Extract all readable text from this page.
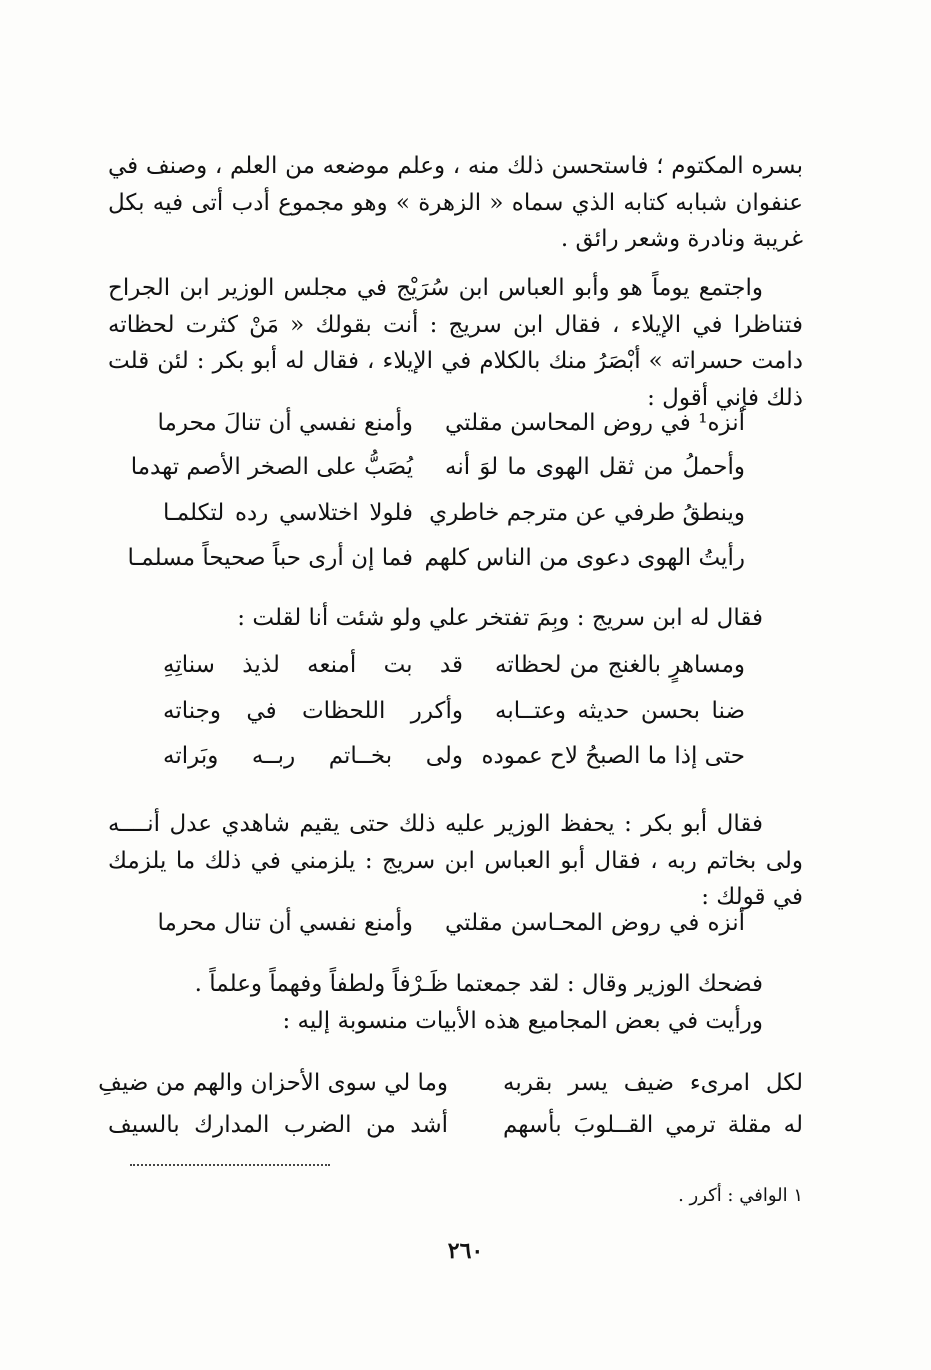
بسره المكتوم ؛ فاستحسن ذلك منه ، وعلم موضعه من العلم ، وصنف في عنفوان شبابه كتابه الذي سماه « الزهرة » وهو مجموع أدب أتى فيه بكل غريبة ونادرة وشعر رائق .
واجتمع يوماً هو وأبو العباس ابن سُرَيْج في مجلس الوزير ابن الجراح فتناظرا في الإيلاء ، فقال ابن سريج : أنت بقولك « مَنْ كثرت لحظاته دامت حسراته » أبْصَرُ منك بالكلام في الإيلاء ، فقال له أبو بكر : لئن قلت ذلك فإني أقول :
أنزه¹ في روض المحاسن مقلتي
وأمنع نفسي أن تنالَ محرما
وأحملُ من ثقل الهوى ما لوَ أنه
يُصَبُّ على الصخر الأصم تهدما
وينطقُ طرفي عن مترجم خاطري
فلولا اختلاسي رده لتكلمـا
رأيتُ الهوى دعوى من الناس كلهم
فما إن أرى حباً صحيحاً مسلمـا
فقال له ابن سريج : وبِمَ تفتخر علي ولو شئت أنا لقلت :
ومساهرٍ بالغنج من لحظاته
قد بت أمنعه لذيذ سناتِهِ
ضنا بحسن حديثه وعتــابه
وأكرر اللحظات في وجناته
حتى إذا ما الصبحُ لاح عموده
ولى بخــاتم ربــه وبَراته
فقال أبو بكر : يحفظ الوزير عليه ذلك حتى يقيم شاهدي عدل أنــــه ولى بخاتم ربه ، فقال أبو العباس ابن سريج : يلزمني في ذلك ما يلزمك في قولك :
أنزه في روض المحـاسن مقلتي
وأمنع نفسي أن تنال محرما
فضحك الوزير وقال : لقد جمعتما ظَـرْفاً ولطفاً وفهماً وعلماً .
ورأيت في بعض المجاميع هذه الأبيات منسوبة إليه :
لكل امرىء ضيف يسر بقربه
وما لي سوى الأحزان والهم من ضيفِ
له مقلة ترمي القــلوبَ بأسهم
أشد من الضرب المدارك بالسيف
١ الوافي : أكرر .
٢٦٠
